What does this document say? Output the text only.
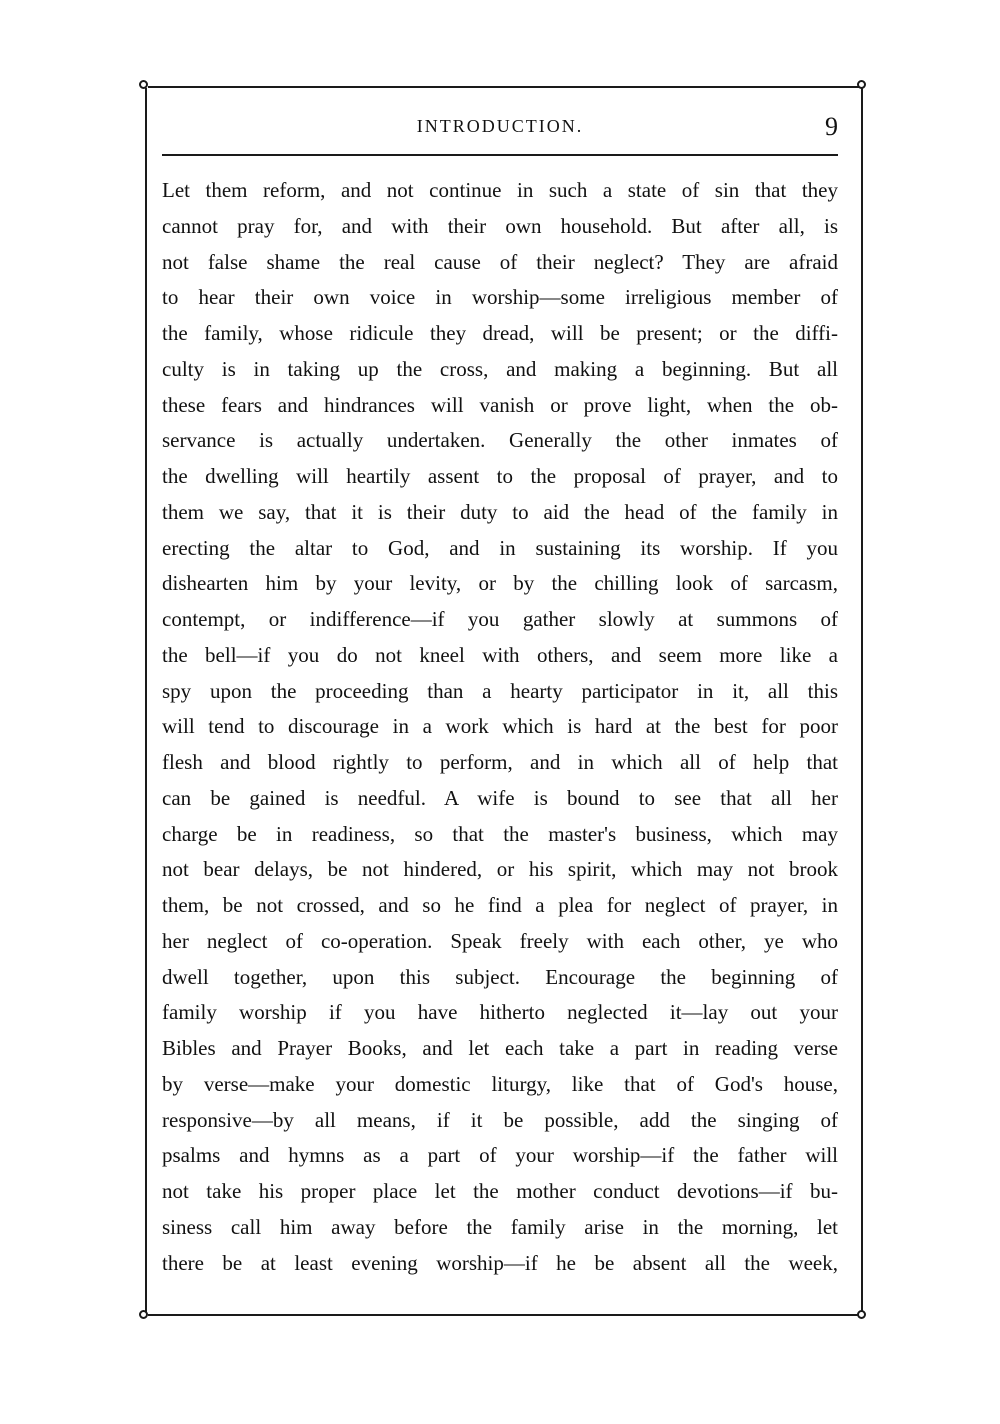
INTRODUCTION.	9
Let them reform, and not continue in such a state of sin that they
cannot pray for, and with their own household. But after all, is
not false shame the real cause of their neglect? They are afraid
to hear their own voice in worship—some irreligious member of
the family, whose ridicule they dread, will be present; or the diffi-
culty is in taking up the cross, and making a beginning. But all
these fears and hindrances will vanish or prove light, when the ob-
servance is actually undertaken. Generally the other inmates of
the dwelling will heartily assent to the proposal of prayer, and to
them we say, that it is their duty to aid the head of the family in
erecting the altar to God, and in sustaining its worship. If you
dishearten him by your levity, or by the chilling look of sarcasm,
contempt, or indifference—if you gather slowly at summons of
the bell—if you do not kneel with others, and seem more like a
spy upon the proceeding than a hearty participator in it, all this
will tend to discourage in a work which is hard at the best for poor
flesh and blood rightly to perform, and in which all of help that
can be gained is needful. A wife is bound to see that all her
charge be in readiness, so that the master's business, which may
not bear delays, be not hindered, or his spirit, which may not brook
them, be not crossed, and so he find a plea for neglect of prayer, in
her neglect of co-operation. Speak freely with each other, ye who
dwell together, upon this subject. Encourage the beginning of
family worship if you have hitherto neglected it—lay out your
Bibles and Prayer Books, and let each take a part in reading verse
by verse—make your domestic liturgy, like that of God's house,
responsive—by all means, if it be possible, add the singing of
psalms and hymns as a part of your worship—if the father will
not take his proper place let the mother conduct devotions—if bu-
siness call him away before the family arise in the morning, let
there be at least evening worship—if he be absent all the week,
